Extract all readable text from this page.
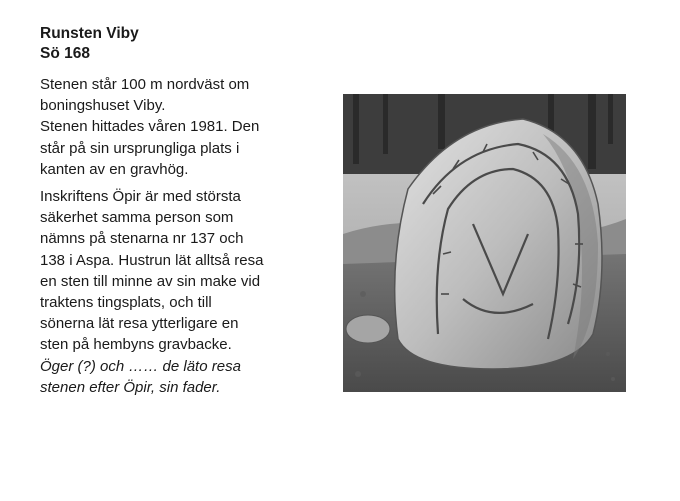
Runsten Viby
Sö 168

Stenen står 100 m nordväst om
boningshuset Viby.

Stenen hittades våren 1981. Den
står på sin ursprungliga plats i
kanten av en gravhög.

Inskriftens Öpir är med största
säkerhet samma person som
nämns på stenarna nr 137 och
138 i Aspa. Hustrun lät alltså resa
en sten till minne av sin make vid
traktens tingsplats, och till
sönerna lät resa ytterligare en
sten på hembyns gravbacke.

Öger (?) och …… de läto resa
stenen efter Öpir, sin fader.
